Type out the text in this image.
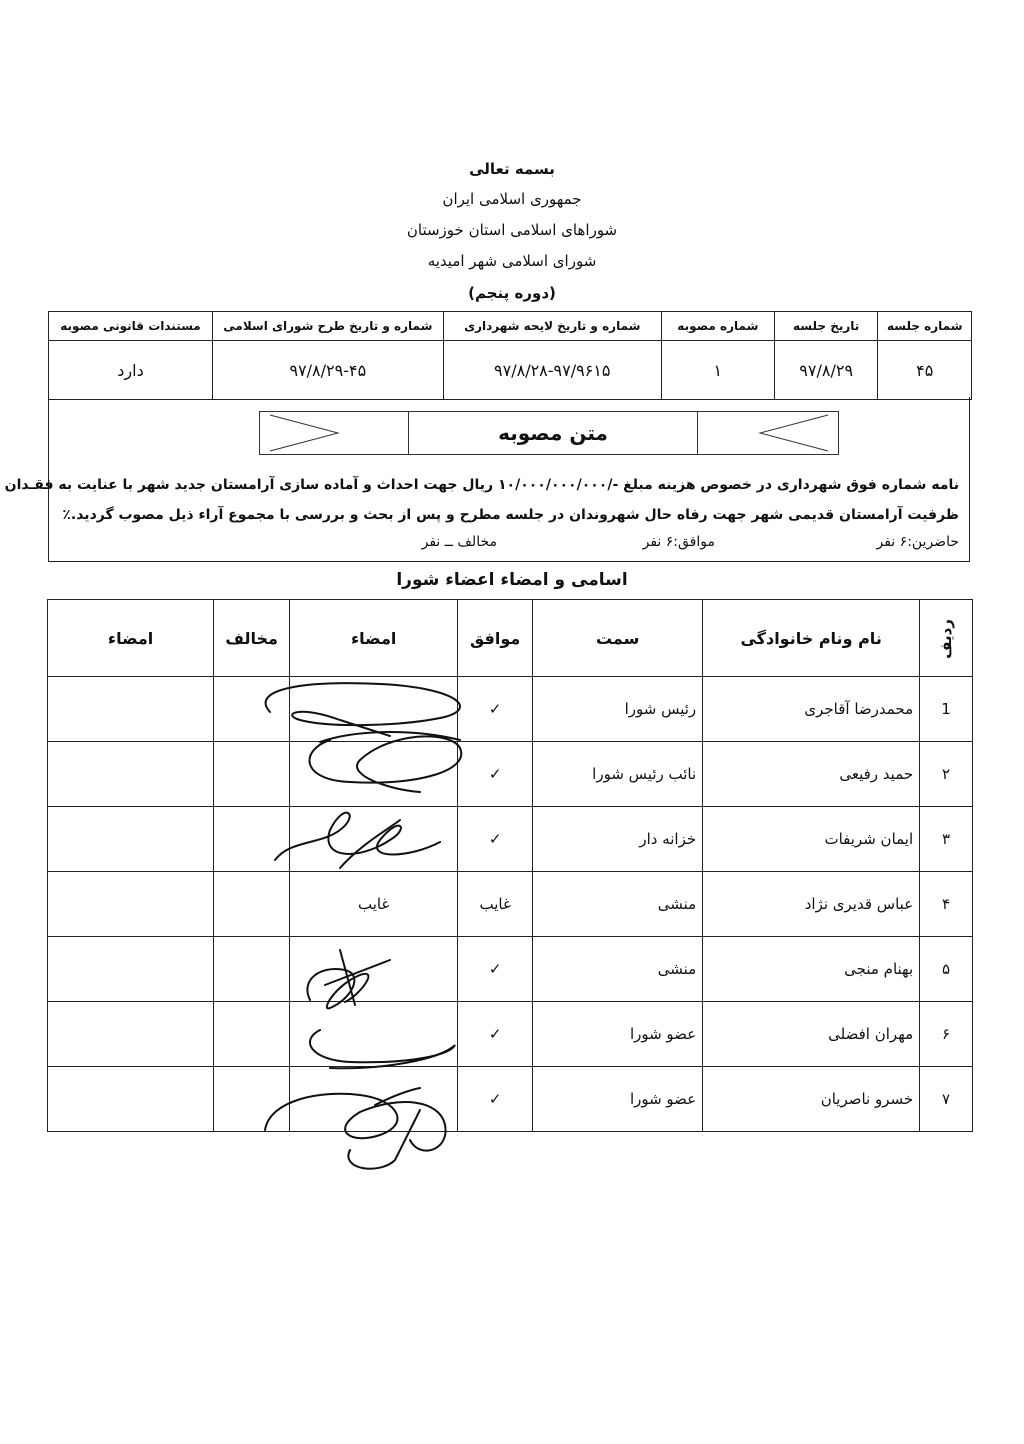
بسمه تعالی
جمهوری اسلامی ایران
شوراهای اسلامی استان خوزستان
شورای اسلامی شهر امیدیه
(دوره پنجم)
شماره جلسه	تاریخ جلسه	شماره مصوبه	شماره و تاریخ لایحه شهرداری	شماره و تاریخ طرح شورای اسلامی	مستندات قانونی مصوبه
۴۵	۹۷/۸/۲۹	۱	۹۷/۸/۲۸-۹۷/۹۶۱۵	۹۷/۸/۲۹-۴۵	دارد
متن مصوبه
نامه شماره فوق شهرداری در خصوص هزینه مبلغ -/۱۰/۰۰۰/۰۰۰/۰۰۰ ریال جهت احداث و آماده سازی آرامستان جدید شهر با عنایت به فقـدان
ظرفیت آرامستان قدیمی شهر جهت رفاه حال شهروندان در جلسه مطرح و پس از بحث و بررسی با مجموع آراء ذیل مصوب گردید.٪
حاضرین:۶ نفر
موافق:۶ نفر
مخالف ــ نفر
اسامی و امضاء اعضاء شورا
ردیف	نام ونام خانوادگی	سمت	موافق	امضاء	مخالف	امضاء
1	محمدرضا آقاجری	رئیس شورا	✓			
۲	حمید رفیعی	نائب رئیس شورا	✓			
۳	ایمان شریفات	خزانه دار	✓			
۴	عباس قدیری نژاد	منشی	غایب	غایب		
۵	بهنام منجی	منشی	✓			
۶	مهران افضلی	عضو شورا	✓			
۷	خسرو ناصریان	عضو شورا	✓			
